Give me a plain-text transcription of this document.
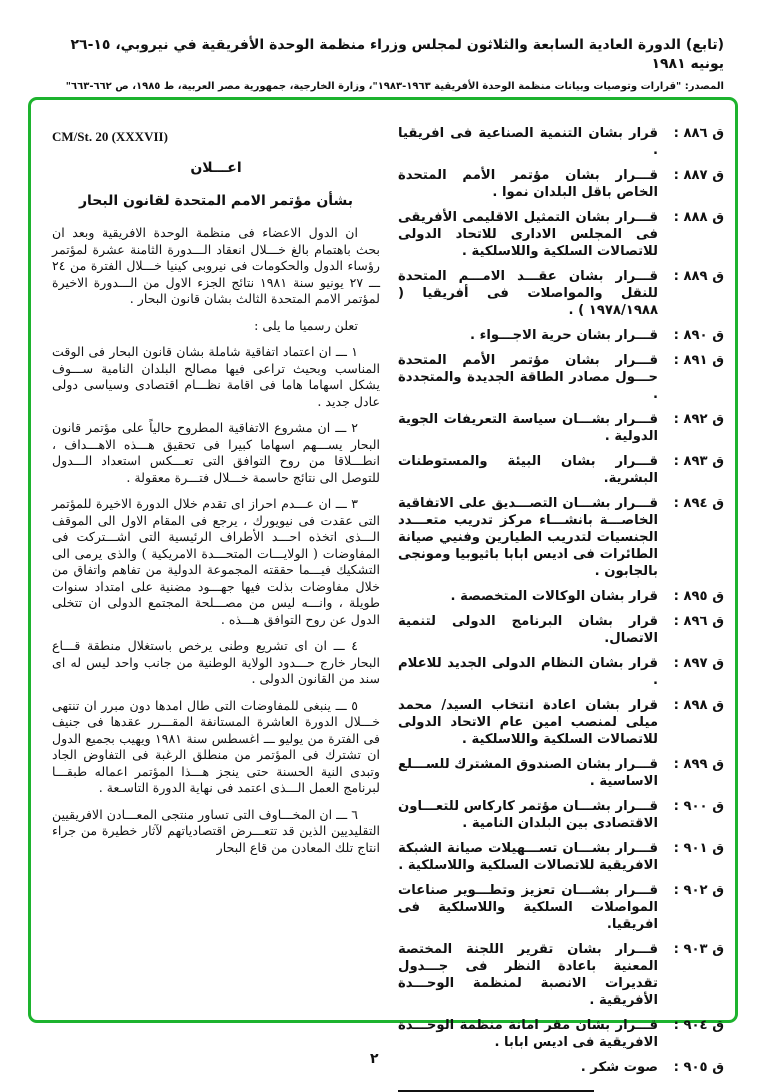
(تابع) الدورة العادية السابعة والثلاثون لمجلس وزراء منظمة الوحدة الأفريقية في نيروبي، ١٥-٢٦ يونيه ١٩٨١
المصدر: "قرارات وتوصيات وبيانات منظمة الوحدة الأفريقية ١٩٦٣-١٩٨٣"، وزارة الخارجية، جمهورية مصر العربية، ط ١٩٨٥، ص ٦٦٢-٦٦٣"
CM/St. 20 (XXXVII)
اعـــلان
بشأن مؤتمر الامم المتحدة لقانون البحار

ان الدول الاعضاء فى منظمة الوحدة الافريقية وبعد ان بحث باهتمام بالغ خـــلال انعقاد الـــدورة الثامنة عشرة لمؤتمر رؤساء الدول والحكومات فى نيروبى كينيا خـــلال الفترة من ٢٤ ـــ ٢٧ يونيو سنة ١٩٨١ نتائج الجزء الاول من الـــدورة الاخيرة لمؤتمر الامم المتحدة الثالث بشان قانون البحار .

تعلن رسميا ما يلى :

١ ـــ ان اعتماد اتفاقية شاملة بشان قانون البحار فى الوقت المناسب وبحيث تراعى فيها مصالح البلدان النامية ســـوف يشكل اسهاما هاما فى اقامة نظـــام اقتصادى وسياسى دولى عادل جديد .

٢ ـــ ان مشروع الاتفاقية المطروح حالياً على مؤتمر قانون البحار يســـهم اسهاما كبيرا فى تحقيق هـــذه الاهـــداف ، انطـــلاقا من روح التوافق التى تعـــكس استعداد الـــدول للتوصل الى نتائج حاسمة خـــلال فتـــرة معقولة .

٣ ـــ ان عـــدم احراز اى تقدم خلال الدورة الاخيرة للمؤتمر التى عقدت فى نيويورك ، يرجع فى المقام الاول الى الموقف الـــذى اتخذه احـــد الأطراف الرئيسية التى اشـــتركت فى المفاوضات ( الولايـــات المتحـــدة الامريكية ) والذى يرمى الى التشكيك فيـــما حققته المجموعة الدولية من تفاهم واتفاق من خلال مفاوضات بذلت فيها جهـــود مضنية على امتداد سنوات طويلة ، وانـــه ليس من مصـــلحة المجتمع الدولى ان تتخلى الدول عن روح التوافق هـــذه .

٤ ـــ ان اى تشريع وطنى يرخص باستغلال منطقة قـــاع البحار خارج حـــدود الولاية الوطنية من جانب واحد ليس له اى سند من القانون الدولى .

٥ ـــ ينبغى للمفاوضات التى طال امدها دون مبرر ان تنتهى خـــلال الدورة العاشرة المستانفة المقـــرر عقدها فى جنيف فى الفترة من يوليو ـــ اغسطس سنة ١٩٨١ ويهيب بجميع الدول ان تشترك فى المؤتمر من منطلق الرغبة فى التفاوض الجاد وتبدى النية الحسنة حتى ينجز هـــذا المؤتمر اعماله طبقـــا لبرنامج العمل الـــذى اعتمد فى نهاية الدورة التاسـعة .

٦ ـــ ان المخـــاوف التى تساور منتجى المعـــادن الافريقيين التقليديين الذين قد تتعـــرض اقتصادياتهم لآثار خطيرة من جراء انتاج تلك المعادن من قاع البحار

ق ٨٨٦ :
قرار بشان التنمية الصناعية فى افريقيا .
ق ٨٨٧ :
قـــرار بشان مؤتمر الأمم المتحدة الخاص باقل البلدان نموا .
ق ٨٨٨ :
قـــرار بشان التمثيل الاقليمى الأفريقى فى المجلس الادارى للاتحاد الدولى للاتصالات السلكية واللاسلكية .
ق ٨٨٩ :
قـــرار بشان عقـــد الامـــم المتحدة للنقل والمواصلات فى أفريقيا ( ١٩٧٨/١٩٨٨ ) .
ق ٨٩٠ :
قـــرار بشان حرية الاجـــواء .
ق ٨٩١ :
قـــرار بشان مؤتمر الأمم المتحدة حـــول مصادر الطاقة الجديدة والمتجددة .
ق ٨٩٢ :
قـــرار بشـــان سياسة التعريفات الجوية الدولية .
ق ٨٩٣ :
قـــرار بشان البيئة والمستوطنات البشرية.
ق ٨٩٤ :
قـــرار بشـــان التصـــديق على الاتفاقية الخاصـــة بانشـــاء مركز تدريب متعـــدد الجنسيات لتدريب الطيارين وفنيي صيانة الطائرات فى اديس ابابا باثيوبيا ومونجى بالجابون .
ق ٨٩٥ :
قرار بشان الوكالات المتخصصة .
ق ٨٩٦ :
قرار بشان البرنامج الدولى لتنمية الاتصال.
ق ٨٩٧ :
قرار بشان النظام الدولى الجديد للاعلام .
ق ٨٩٨ :
قرار بشان اعادة انتخاب السيد/ محمد ميلى لمنصب امين عام الاتحاد الدولى للاتصالات السلكية واللاسلكية .
ق ٨٩٩ :
قـــرار بشان الصندوق المشترك للســـلع الاساسية .
ق ٩٠٠ :
قـــرار بشـــان مؤتمر كاركاس للتعـــاون الاقتصادى بين البلدان النامية .
ق ٩٠١ :
قـــرار بشـــان تســـهيلات صيانة الشبكة الافريقية للاتصالات السلكية واللاسلكية .
ق ٩٠٢ :
قـــرار بشـــان تعزيز وتطـــوير صناعات المواصلات السلكية واللاسلكية فى افريقيا.
ق ٩٠٣ :
قـــرار بشان تقرير اللجنة المختصة المعنية باعادة النظر فى جـــدول تقديرات الانصبة لمنظمة الوحـــدة الأفريقية .
ق ٩٠٤ :
قـــرار بشان مقر امانة منظمة الوحـــدة الافريقية فى اديس ابابا .
ق ٩٠٥ :
صوت شكر .
٢
